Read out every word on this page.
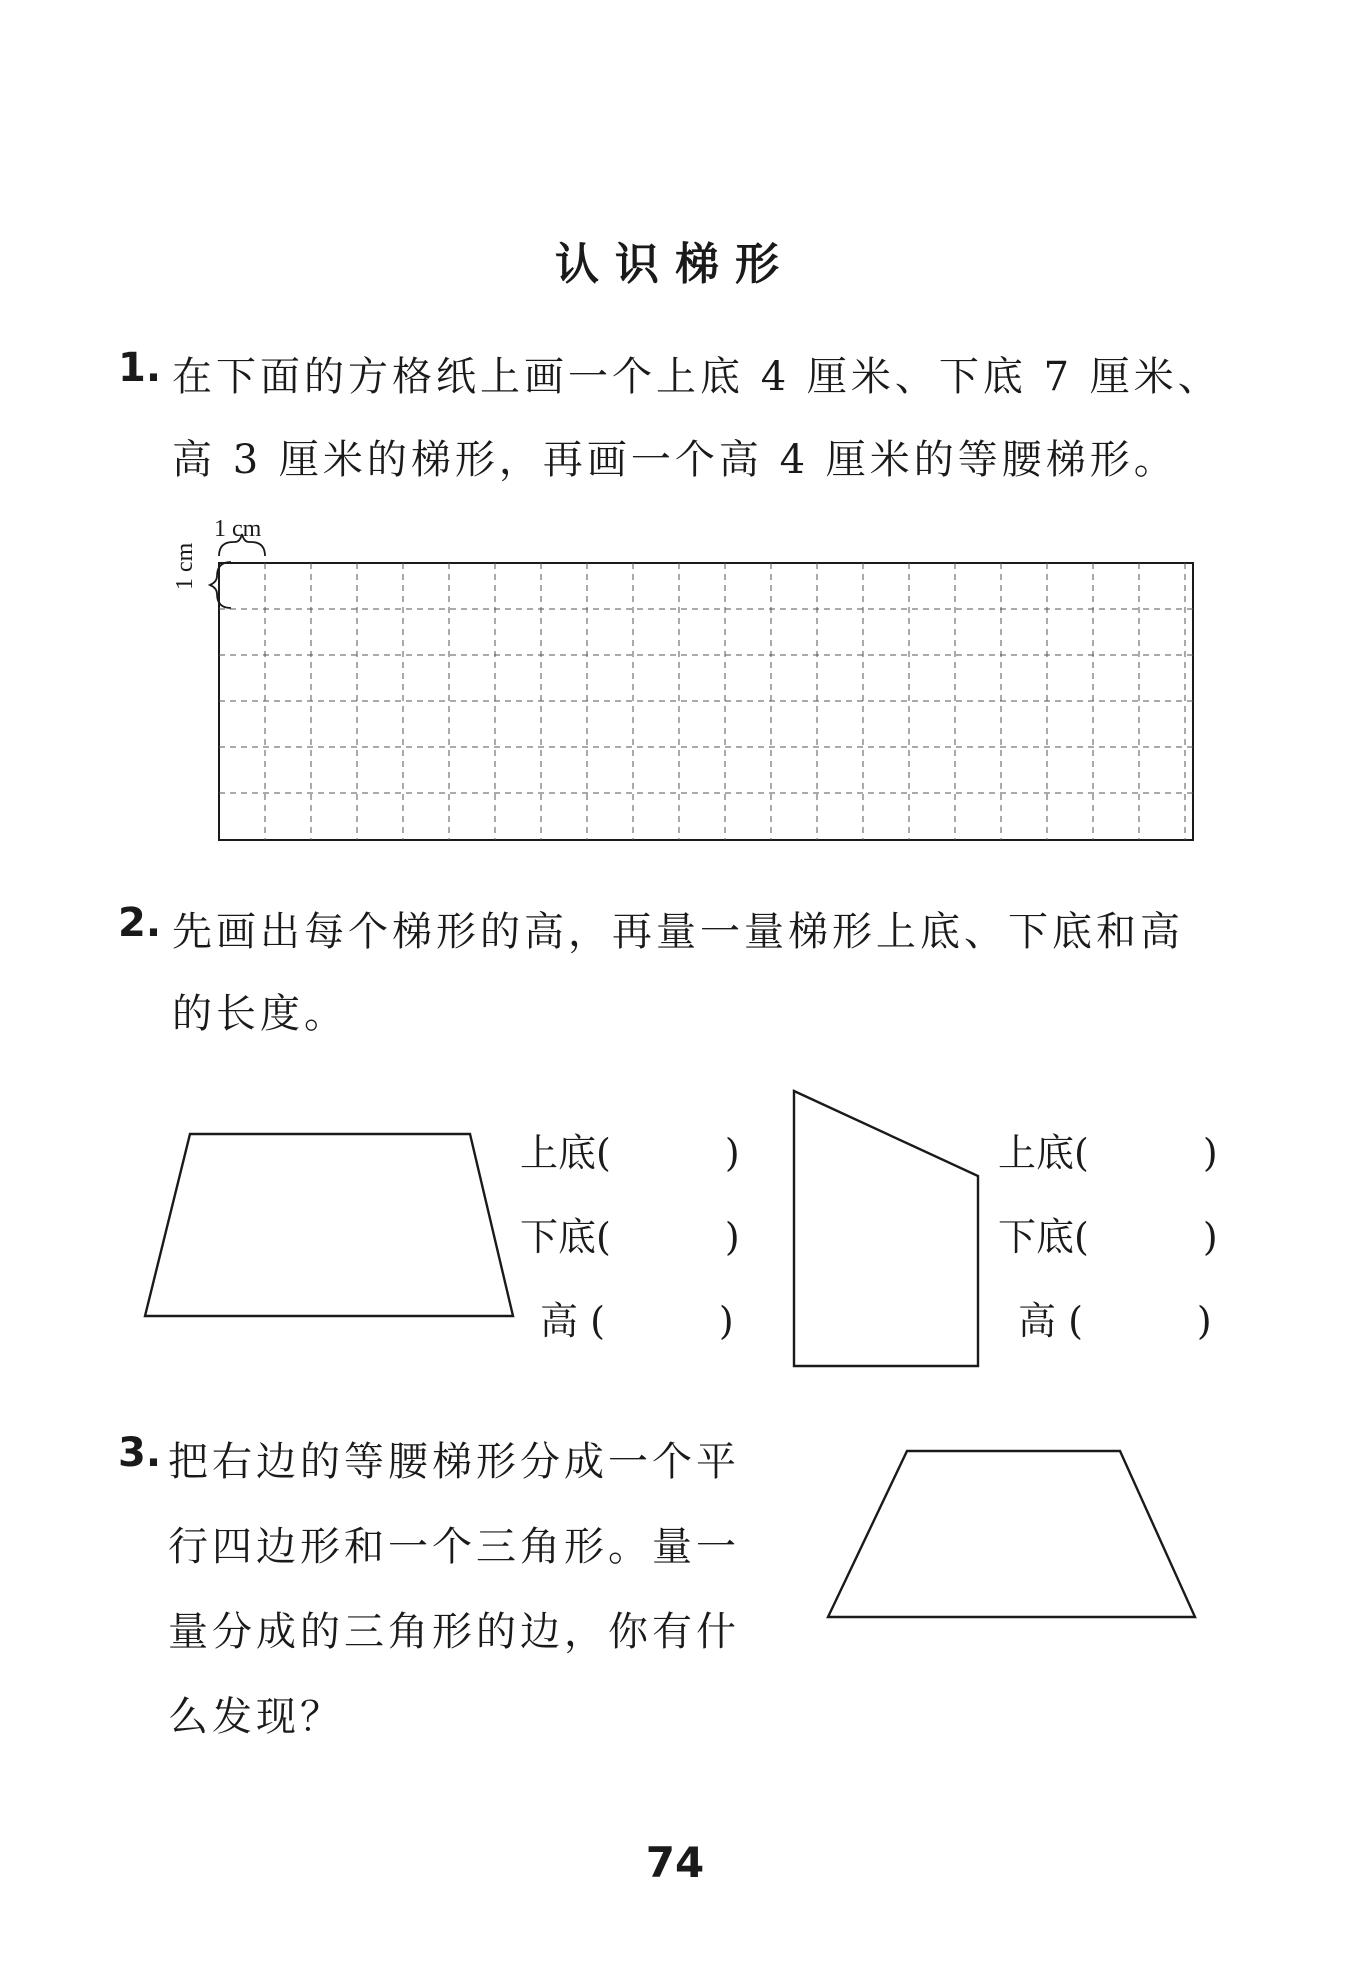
认识梯形
1. 在下面的方格纸上画一个上底 4 厘米、下底 7 厘米、
高 3 厘米的梯形，再画一个高 4 厘米的等腰梯形。
1 cm
1 cm
2. 先画出每个梯形的高，再量一量梯形上底、下底和高
的长度。
上底(　　　)
下底(　　　)
高 (　　　)
上底(　　　)
下底(　　　)
高 (　　　)
3. 把右边的等腰梯形分成一个平
行四边形和一个三角形。量一
量分成的三角形的边，你有什
么发现？
74
